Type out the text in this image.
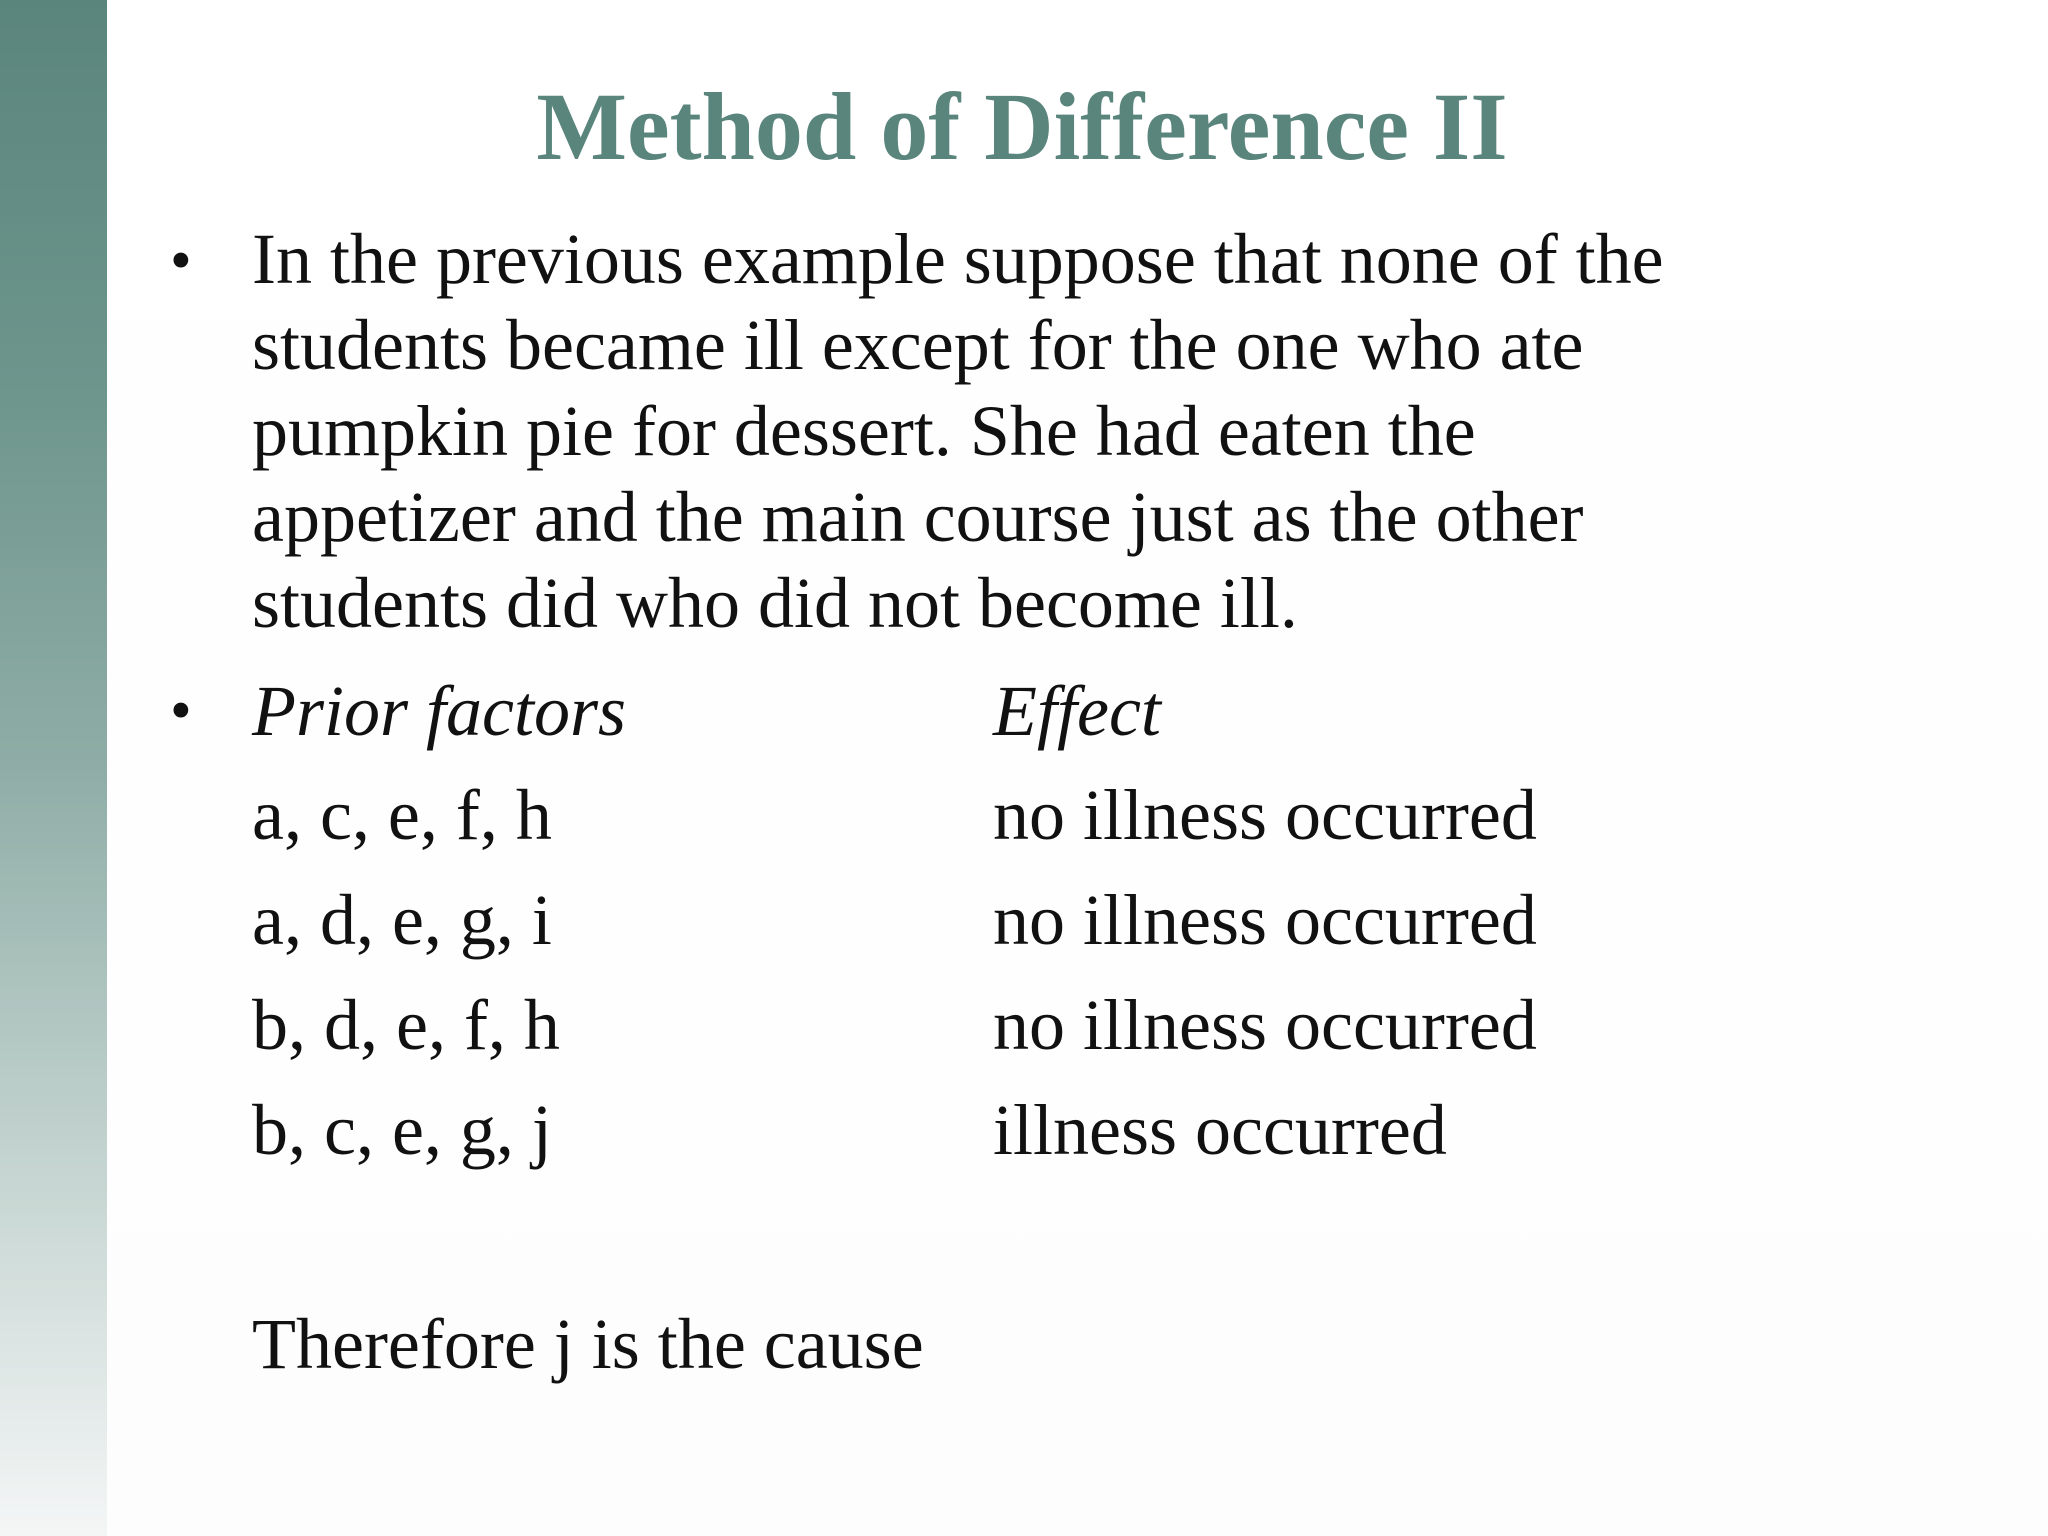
Method of Difference II
• In the previous example suppose that none of the
students became ill except for the one who ate
pumpkin pie for dessert. She had eaten the
appetizer and the main course just as the other
students did who did not become ill.
• Prior factors	Effect
a, c, e, f, h	no illness occurred
a, d, e, g, i	no illness occurred
b, d, e, f, h	no illness occurred
b, c, e, g, j	illness occurred
Therefore j is the cause
